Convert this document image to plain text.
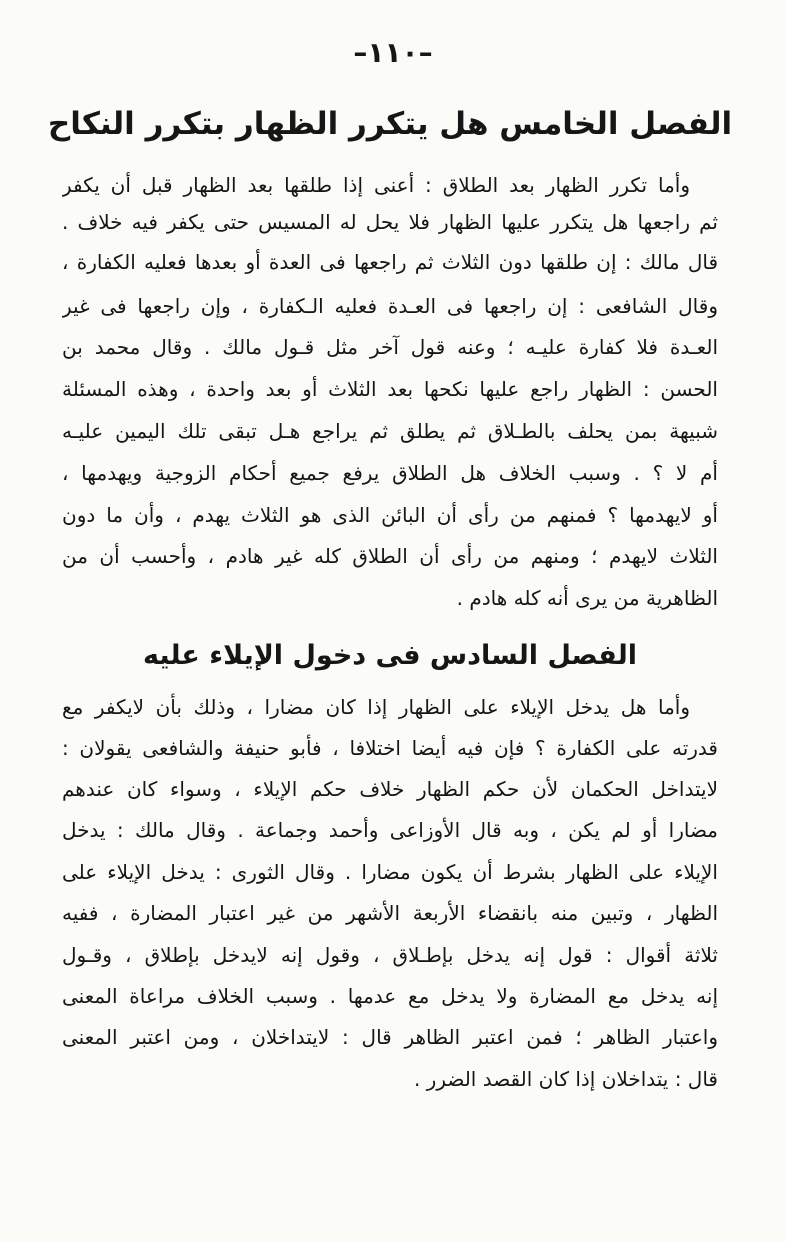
–١١٠–
الفصل الخامس هل يتكرر الظهار بتكرر النكاح
وأما تكرر الظهار بعد الطلاق : أعنى إذا طلقها بعد الظهار قبل أن يكفر
ثم راجعها هل يتكرر عليها الظهار فلا يحل له المسيس حتى يكفر فيه خلاف .
قال مالك : إن طلقها دون الثلاث ثم راجعها فى العدة أو بعدها فعليه الكفارة ،
وقال الشافعى : إن راجعها فى العـدة فعليه الـكفارة ، وإن راجعها فى غير
العـدة فلا كفارة عليـه ؛ وعنه قول آخر مثل قـول مالك . وقال محمد بن
الحسن : الظهار راجع عليها نكحها بعد الثلاث أو بعد واحدة ، وهذه المسئلة
شبيهة بمن يحلف بالطـلاق ثم يطلق ثم يراجع هـل تبقى تلك اليمين عليـه
أم لا ؟ . وسبب الخلاف هل الطلاق يرفع جميع أحكام الزوجية ويهدمها ،
أو لايهدمها ؟ فمنهم من رأى أن البائن الذى هو الثلاث يهدم ، وأن ما دون
الثلاث لايهدم ؛ ومنهم من رأى أن الطلاق كله غير هادم ، وأحسب أن من
الظاهرية من يرى أنه كله هادم .
الفصل السادس فى دخول الإيلاء عليه
وأما هل يدخل الإيلاء على الظهار إذا كان مضارا ، وذلك بأن لايكفر مع
قدرته على الكفارة ؟ فإن فيه أيضا اختلافا ، فأبو حنيفة والشافعى يقولان :
لايتداخل الحكمان لأن حكم الظهار خلاف حكم الإيلاء ، وسواء كان عندهم
مضارا أو لم يكن ، وبه قال الأوزاعى وأحمد وجماعة . وقال مالك : يدخل
الإيلاء على الظهار بشرط أن يكون مضارا . وقال الثورى : يدخل الإيلاء على
الظهار ، وتبين منه بانقضاء الأربعة الأشهر من غير اعتبار المضارة ، ففيه
ثلاثة أقوال : قول إنه يدخل بإطـلاق ، وقول إنه لايدخل بإطلاق ، وقـول
إنه يدخل مع المضارة ولا يدخل مع عدمها . وسبب الخلاف مراعاة المعنى
واعتبار الظاهر ؛ فمن اعتبر الظاهر قال : لايتداخلان ، ومن اعتبر المعنى
قال : يتداخلان إذا كان القصد الضرر .
